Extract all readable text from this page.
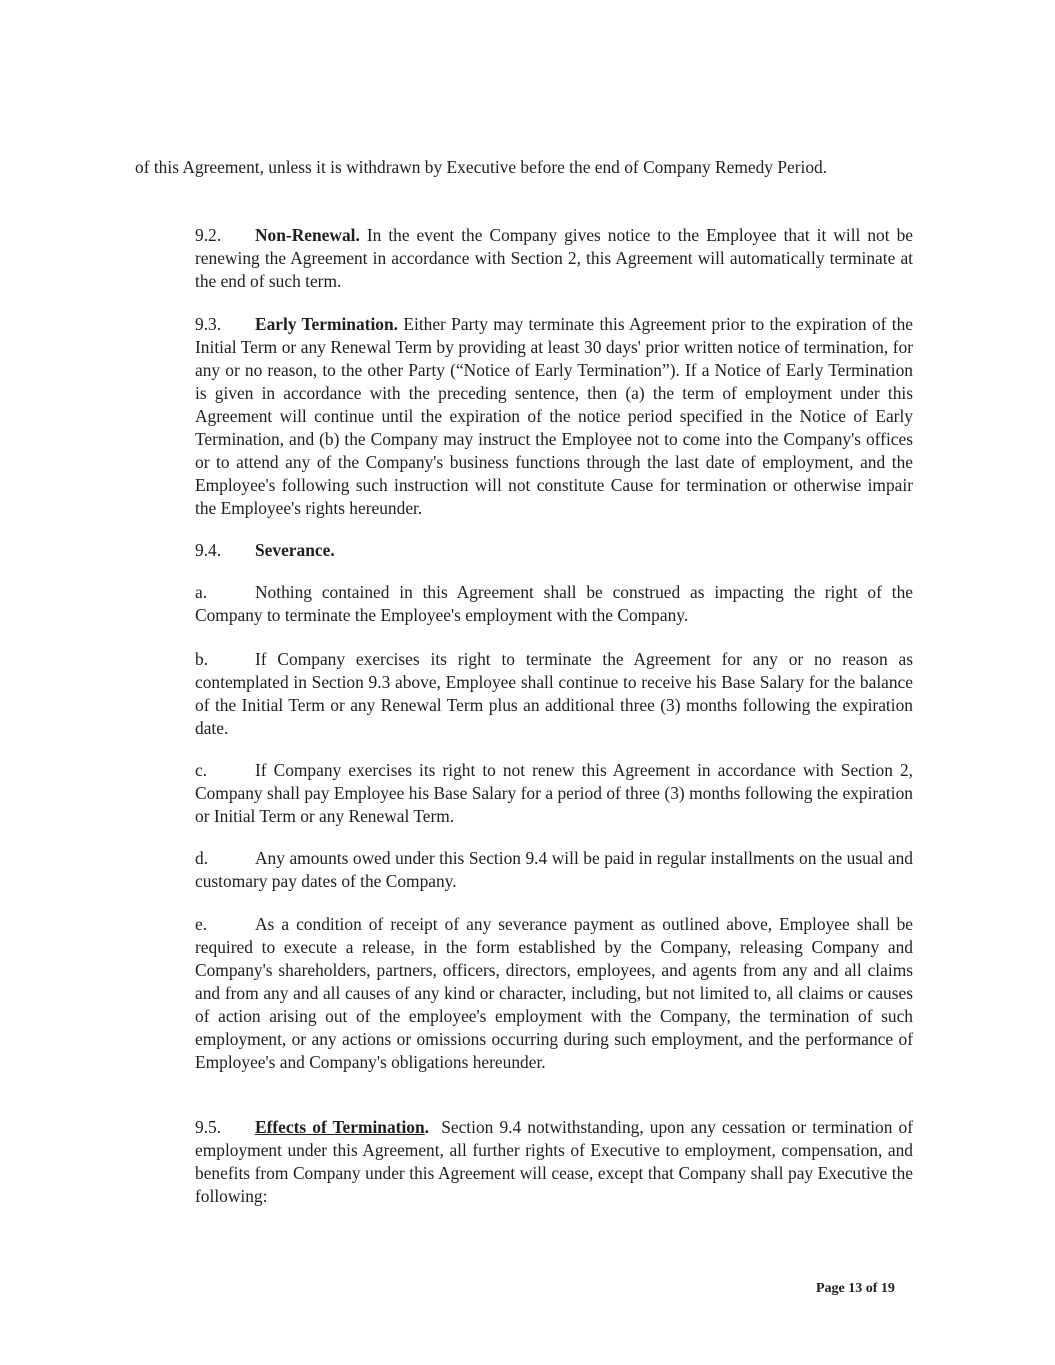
of this Agreement, unless it is withdrawn by Executive before the end of Company Remedy Period.

9.2. Non-Renewal. In the event the Company gives notice to the Employee that it will not be renewing the Agreement in accordance with Section 2, this Agreement will automatically terminate at the end of such term.

9.3. Early Termination. Either Party may terminate this Agreement prior to the expiration of the Initial Term or any Renewal Term by providing at least 30 days' prior written notice of termination, for any or no reason, to the other Party (“Notice of Early Termination”). If a Notice of Early Termination is given in accordance with the preceding sentence, then (a) the term of employment under this Agreement will continue until the expiration of the notice period specified in the Notice of Early Termination, and (b) the Company may instruct the Employee not to come into the Company's offices or to attend any of the Company's business functions through the last date of employment, and the Employee's following such instruction will not constitute Cause for termination or otherwise impair the Employee's rights hereunder.

9.4. Severance.

a.	Nothing contained in this Agreement shall be construed as impacting the right of the Company to terminate the Employee's employment with the Company.

b.	If Company exercises its right to terminate the Agreement for any or no reason as contemplated in Section 9.3 above, Employee shall continue to receive his Base Salary for the balance of the Initial Term or any Renewal Term plus an additional three (3) months following the expiration date.

c.	If Company exercises its right to not renew this Agreement in accordance with Section 2, Company shall pay Employee his Base Salary for a period of three (3) months following the expiration or Initial Term or any Renewal Term.

d.	Any amounts owed under this Section 9.4 will be paid in regular installments on the usual and customary pay dates of the Company.

e.	As a condition of receipt of any severance payment as outlined above, Employee shall be required to execute a release, in the form established by the Company, releasing Company and Company's shareholders, partners, officers, directors, employees, and agents from any and all claims and from any and all causes of any kind or character, including, but not limited to, all claims or causes of action arising out of the employee's employment with the Company, the termination of such employment, or any actions or omissions occurring during such employment, and the performance of Employee's and Company's obligations hereunder.

9.5. Effects of Termination.  Section 9.4 notwithstanding, upon any cessation or termination of employment under this Agreement, all further rights of Executive to employment, compensation, and benefits from Company under this Agreement will cease, except that Company shall pay Executive the following:

Page 13 of 19
